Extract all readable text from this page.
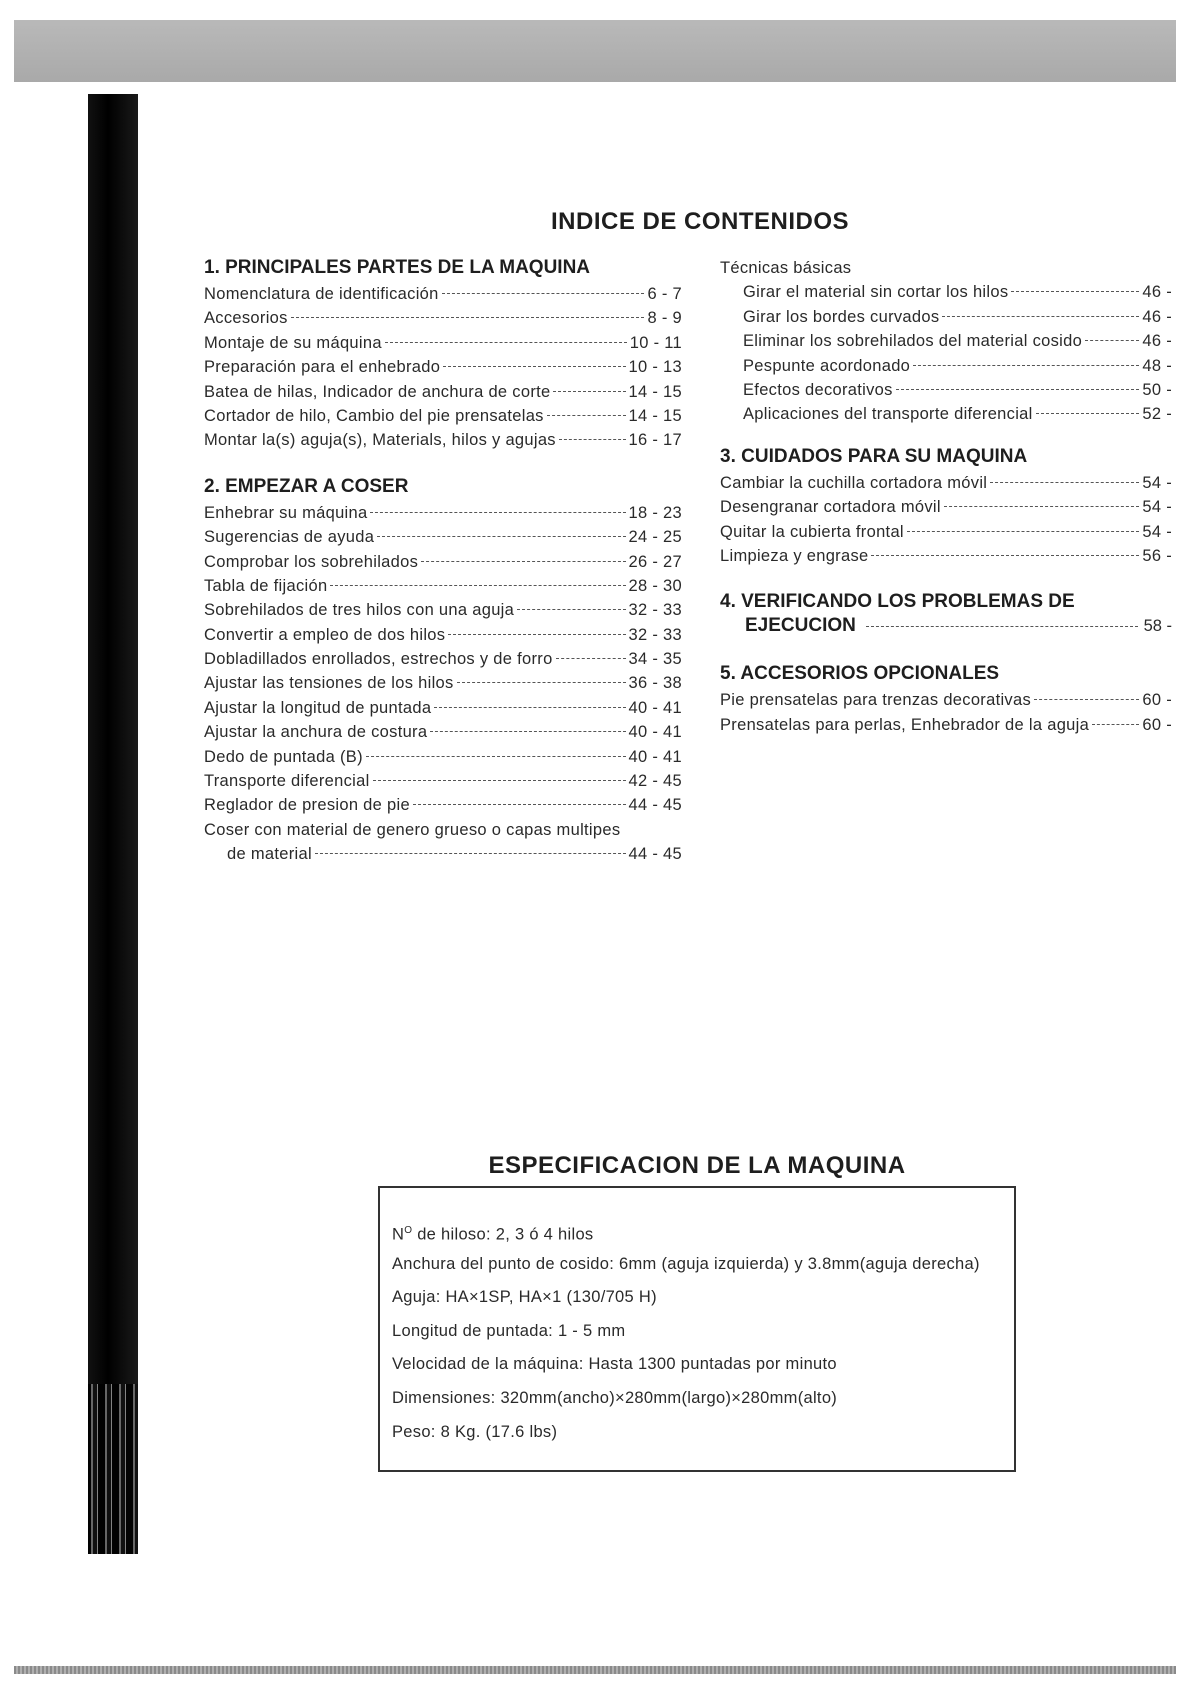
INDICE DE CONTENIDOS
1. PRINCIPALES PARTES DE LA MAQUINA
Nomenclatura de identificación	6 - 7
Accesorios	8 - 9
Montaje de su máquina	10 - 11
Preparación para el enhebrado	10 - 13
Batea de hilas, Indicador de anchura de corte	14 - 15
Cortador de hilo, Cambio del pie prensatelas	14 - 15
Montar la(s) aguja(s), Materials, hilos y agujas	16 - 17
2. EMPEZAR A COSER
Enhebrar su máquina	18 - 23
Sugerencias de ayuda	24 - 25
Comprobar los sobrehilados	26 - 27
Tabla de fijación	28 - 30
Sobrehilados de tres hilos con una aguja	32 - 33
Convertir a empleo de dos hilos	32 - 33
Dobladillados enrollados, estrechos y de forro	34 - 35
Ajustar las tensiones de los hilos	36 - 38
Ajustar la longitud de puntada	40 - 41
Ajustar la anchura de costura	40 - 41
Dedo de puntada (B)	40 - 41
Transporte diferencial	42 - 45
Reglador de presion de pie	44 - 45
Coser con material de genero grueso o capas multipes
de material	44 - 45
Técnicas básicas
Girar el material sin cortar los hilos	46 -
Girar los bordes curvados	46 -
Eliminar los sobrehilados del material cosido	46 -
Pespunte acordonado	48 -
Efectos decorativos	50 -
Aplicaciones del transporte diferencial	52 -
3. CUIDADOS PARA SU MAQUINA
Cambiar la cuchilla cortadora móvil	54 -
Desengranar cortadora móvil	54 -
Quitar la cubierta frontal	54 -
Limpieza y engrase	56 -
4. VERIFICANDO LOS PROBLEMAS DE
EJECUCION	58 -
5. ACCESORIOS OPCIONALES
Pie prensatelas para trenzas decorativas	60 -
Prensatelas para perlas, Enhebrador de la aguja	60 -
ESPECIFICACION DE LA MAQUINA
$N^O$ de hiloso: 2, 3 ó 4 hilos
Anchura del punto de cosido: 6mm (aguja izquierda) y 3.8mm(aguja derecha)
Aguja: HA×1SP, HA×1 (130/705 H)
Longitud de puntada: 1 - 5 mm
Velocidad de la máquina: Hasta 1300 puntadas por minuto
Dimensiones: 320mm(ancho)×280mm(largo)×280mm(alto)
Peso: 8 Kg. (17.6 lbs)
